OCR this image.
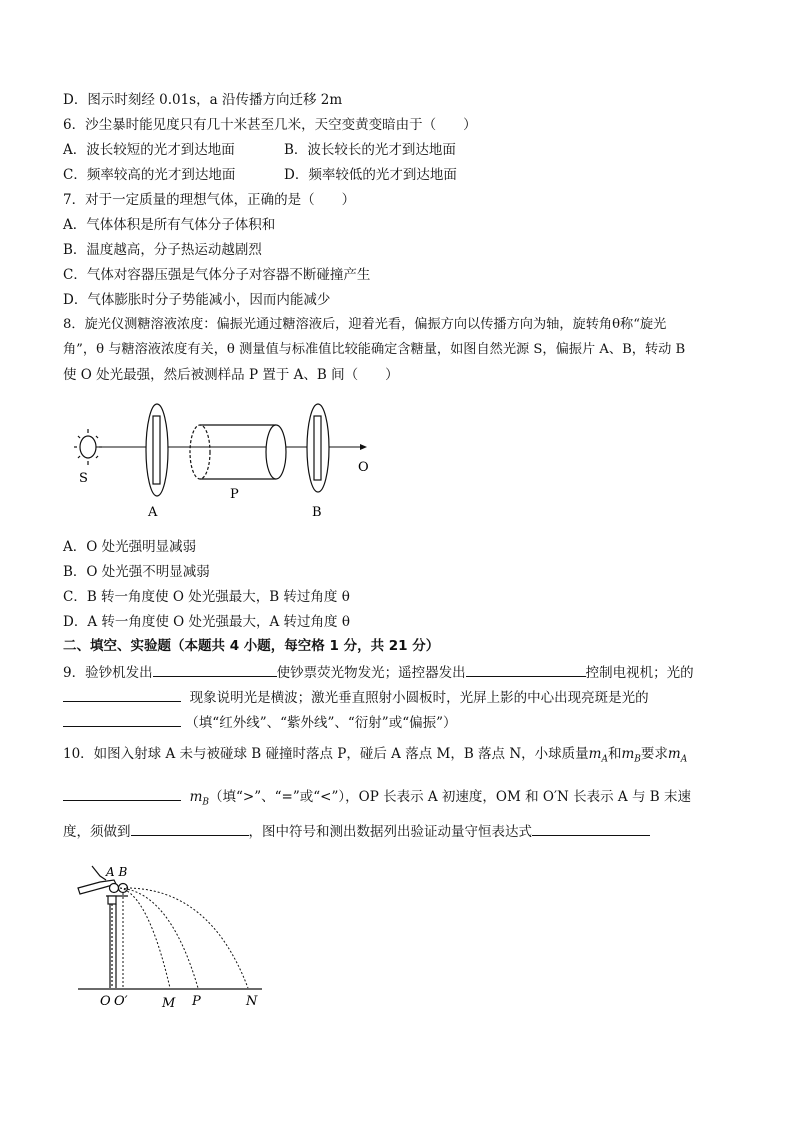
D．图示时刻经 0.01s，a 沿传播方向迁移 2m
6．沙尘暴时能见度只有几十米甚至几米，天空变黄变暗由于（　　）
A．波长较短的光才到达地面	B．波长较长的光才到达地面
C．频率较高的光才到达地面	D．频率较低的光才到达地面
7．对于一定质量的理想气体，正确的是（　　）
A．气体体积是所有气体分子体积和
B．温度越高，分子热运动越剧烈
C．气体对容器压强是气体分子对容器不断碰撞产生
D．气体膨胀时分子势能减小，因而内能减少
8．旋光仪测糖溶液浓度：偏振光通过糖溶液后，迎着光看，偏振方向以传播方向为轴，旋转角θ称“旋光
角”，θ 与糖溶液浓度有关，θ 测量值与标准值比较能确定含糖量，如图自然光源 S，偏振片 A、B，转动 B
使 O 处光最强，然后被测样品 P 置于 A、B 间（　　）
S
A
P
B
O
A．O 处光强明显减弱
B．O 处光强不明显减弱
C．B 转一角度使 O 处光强最大，B 转过角度 θ
D．A 转一角度使 O 处光强最大，A 转过角度 θ
二、填空、实验题（本题共 4 小题，每空格 1 分，共 21 分）
9．验钞机发出	使钞票荧光物发光；遥控器发出	控制电视机；光的
现象说明光是横波；激光垂直照射小圆板时，光屏上影的中心出现亮斑是光的
（填“红外线”、“紫外线”、“衍射”或“偏振”）
10．如图入射球 A 未与被碰球 B 碰撞时落点 P，碰后 A 落点 M，B 落点 N，小球质量$m_A$和$m_B$要求$m_A$
$m_B$（填“>”、“=”或“<”），OP 长表示 A 初速度，OM 和 O′N 长表示 A 与 B 末速
度，须做到	，图中符号和测出数据列出验证动量守恒表达式
A B
O O′	M P	N
